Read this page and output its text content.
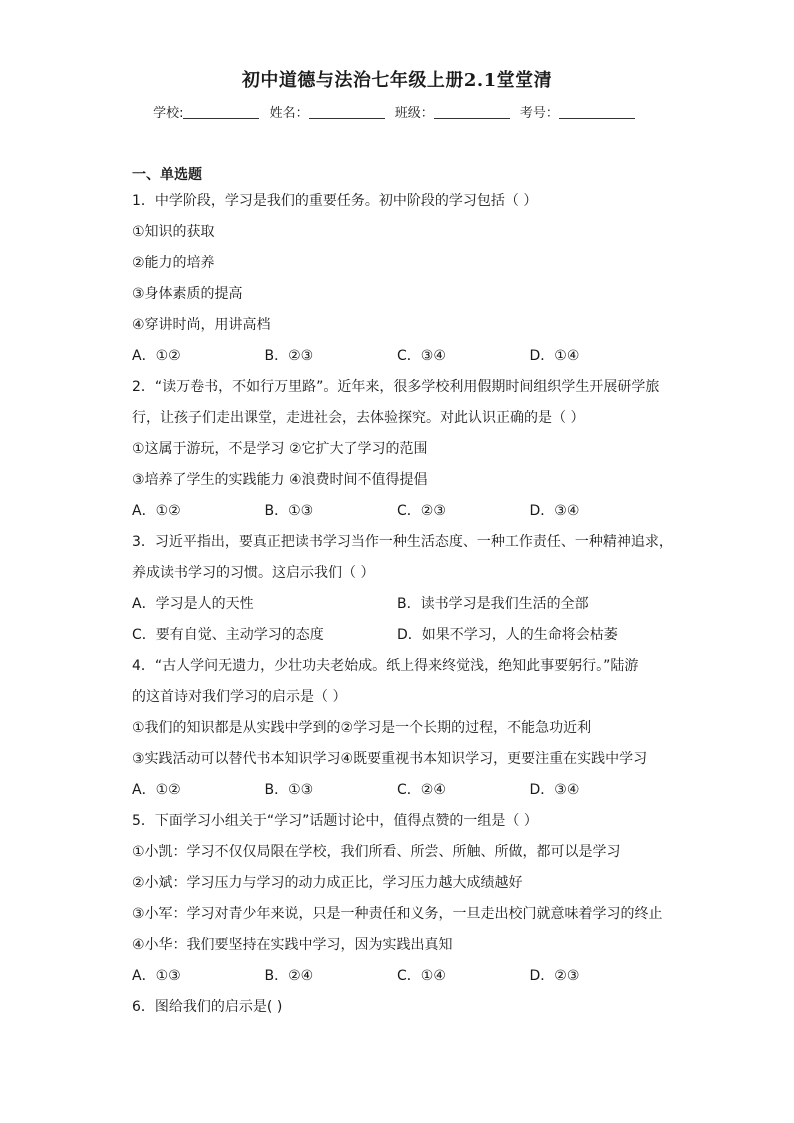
初中道德与法治七年级上册2.1堂堂清
学校:	姓名：	班级：	考号：
一、单选题
1．中学阶段，学习是我们的重要任务。初中阶段的学习包括（ ）
①知识的获取
②能力的培养
③身体素质的提高
④穿讲时尚，用讲高档
A．①②	B．②③	C．③④	D．①④
2．“读万卷书，不如行万里路”。近年来，很多学校利用假期时间组织学生开展研学旅
行，让孩子们走出课堂，走进社会，去体验探究。对此认识正确的是（ ）
①这属于游玩，不是学习 ②它扩大了学习的范围
③培养了学生的实践能力 ④浪费时间不值得提倡
A．①②	B．①③	C．②③	D．③④
3．习近平指出，要真正把读书学习当作一种生活态度、一种工作责任、一种精神追求，
养成读书学习的习惯。这启示我们（ ）
A．学习是人的天性	B．读书学习是我们生活的全部
C．要有自觉、主动学习的态度	D．如果不学习，人的生命将会枯萎
4．“古人学问无遗力，少壮功夫老始成。纸上得来终觉浅，绝知此事要躬行。”陆游
的这首诗对我们学习的启示是（ ）
①我们的知识都是从实践中学到的②学习是一个长期的过程，不能急功近利
③实践活动可以替代书本知识学习④既要重视书本知识学习，更要注重在实践中学习
A．①②	B．①③	C．②④	D．③④
5．下面学习小组关于“学习”话题讨论中，值得点赞的一组是（ ）
①小凯：学习不仅仅局限在学校，我们所看、所尝、所触、所做，都可以是学习
②小斌：学习压力与学习的动力成正比，学习压力越大成绩越好
③小军：学习对青少年来说，只是一种责任和义务，一旦走出校门就意味着学习的终止
④小华：我们要坚持在实践中学习，因为实践出真知
A．①③	B．②④	C．①④	D．②③
6．图给我们的启示是( )
